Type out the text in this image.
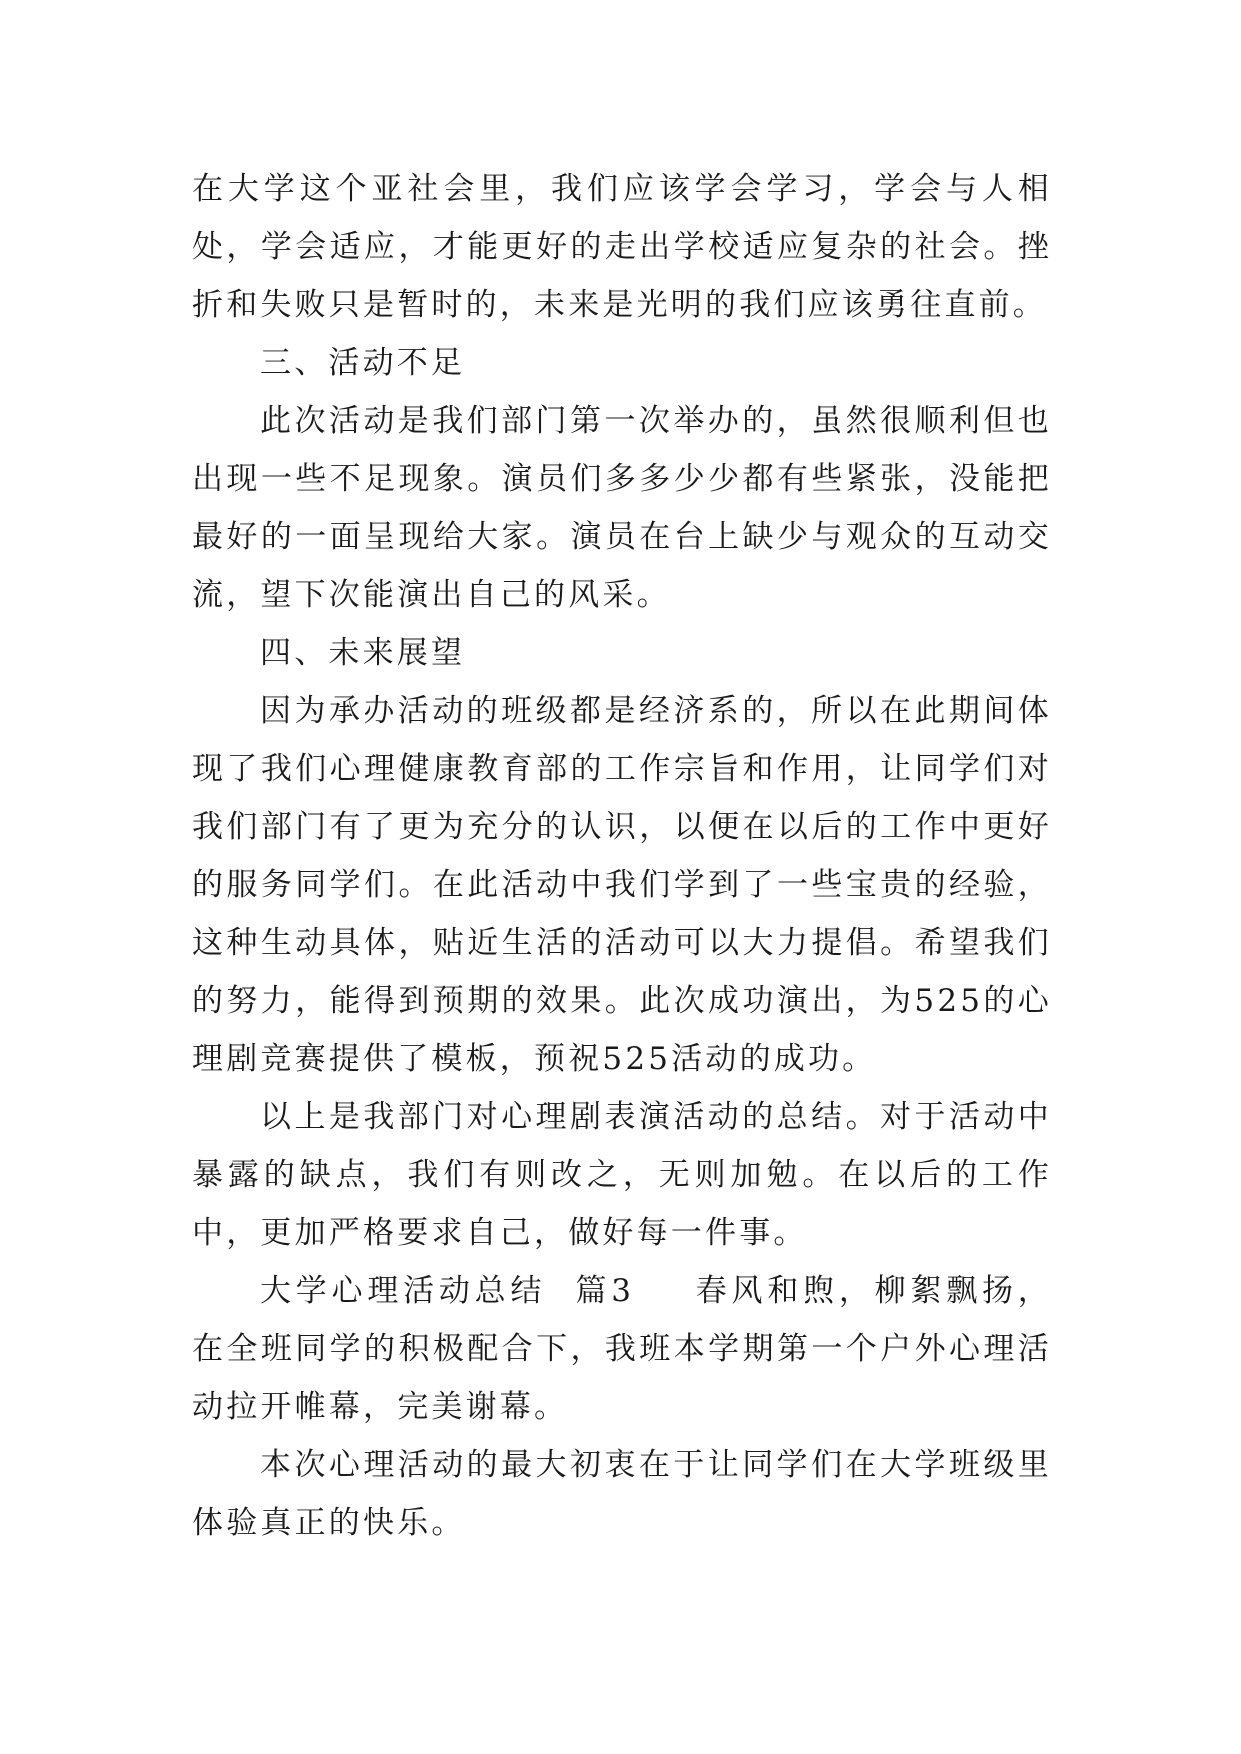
在大学这个亚社会里，我们应该学会学习，学会与人相处，学会适应，才能更好的走出学校适应复杂的社会。挫折和失败只是暂时的，未来是光明的我们应该勇往直前。

三、活动不足

此次活动是我们部门第一次举办的，虽然很顺利但也出现一些不足现象。演员们多多少少都有些紧张，没能把最好的一面呈现给大家。演员在台上缺少与观众的互动交流，望下次能演出自己的风采。

四、未来展望

因为承办活动的班级都是经济系的，所以在此期间体现了我们心理健康教育部的工作宗旨和作用，让同学们对我们部门有了更为充分的认识，以便在以后的工作中更好的服务同学们。在此活动中我们学到了一些宝贵的经验，这种生动具体，贴近生活的活动可以大力提倡。希望我们的努力，能得到预期的效果。此次成功演出，为525的心理剧竞赛提供了模板，预祝525活动的成功。

以上是我部门对心理剧表演活动的总结。对于活动中暴露的缺点，我们有则改之，无则加勉。在以后的工作中，更加严格要求自己，做好每一件事。

大学心理活动总结  篇3 春风和煦，柳絮飘扬，在全班同学的积极配合下，我班本学期第一个户外心理活动拉开帷幕，完美谢幕。

本次心理活动的最大初衷在于让同学们在大学班级里体验真正的快乐。
